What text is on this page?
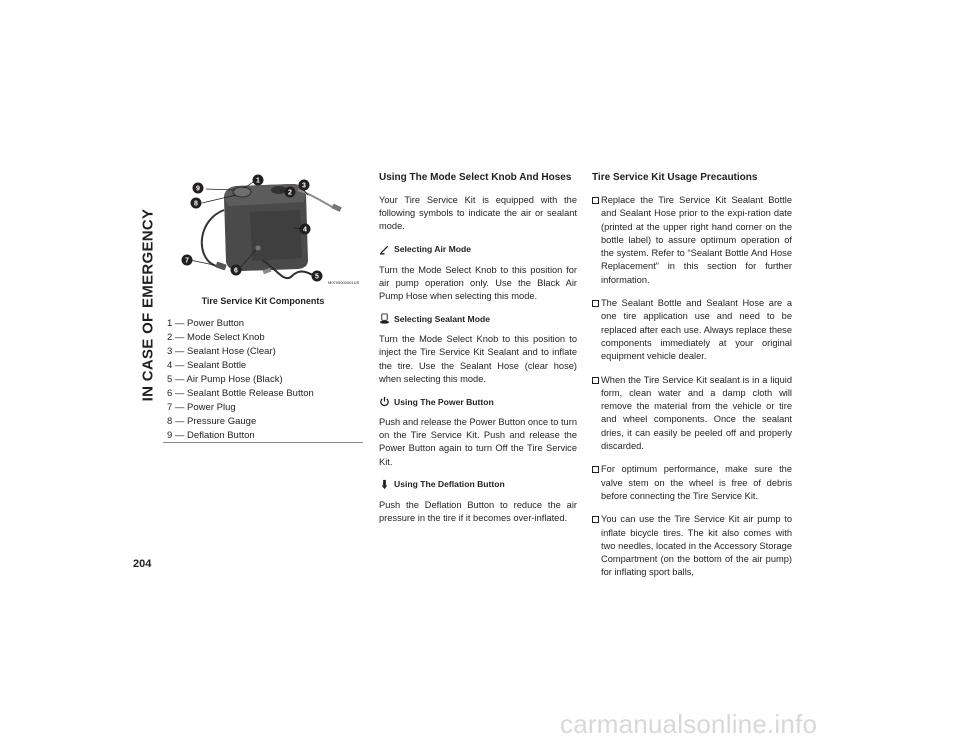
IN CASE OF EMERGENCY
204
1
2
3
4
5
6
7
8
9
M0709000001US
Tire Service Kit Components
1 — Power Button
2 — Mode Select Knob
3 — Sealant Hose (Clear)
4 — Sealant Bottle
5 — Air Pump Hose (Black)
6 — Sealant Bottle Release Button
7 — Power Plug
8 — Pressure Gauge
9 — Deflation Button
Using The Mode Select Knob And Hoses

Your Tire Service Kit is equipped with the following symbols to indicate the air or sealant mode.

Selecting Air Mode

Turn the Mode Select Knob to this position for air pump operation only. Use the Black Air Pump Hose when selecting this mode.

Selecting Sealant Mode

Turn the Mode Select Knob to this position to inject the Tire Service Kit Sealant and to inflate the tire. Use the Sealant Hose (clear hose) when selecting this mode.

Using The Power Button

Push and release the Power Button once to turn on the Tire Service Kit. Push and release the Power Button again to turn Off the Tire Service Kit.

Using The Deflation Button

Push the Deflation Button to reduce the air pressure in the tire if it becomes over-inflated.

Tire Service Kit Usage Precautions
Replace the Tire Service Kit Sealant Bottle and Sealant Hose prior to the expi-ration date (printed at the upper right hand corner on the bottle label) to assure optimum operation of the system. Refer to “Sealant Bottle And Hose Replacement” in this section for further information.
The Sealant Bottle and Sealant Hose are a one tire application use and need to be replaced after each use. Always replace these components immediately at your original equipment vehicle dealer.
When the Tire Service Kit sealant is in a liquid form, clean water and a damp cloth will remove the material from the vehicle or tire and wheel components. Once the sealant dries, it can easily be peeled off and properly discarded.
For optimum performance, make sure the valve stem on the wheel is free of debris before connecting the Tire Service Kit.
You can use the Tire Service Kit air pump to inflate bicycle tires. The kit also comes with two needles, located in the Accessory Storage Compartment (on the bottom of the air pump) for inflating sport balls,
carmanualsonline.info
